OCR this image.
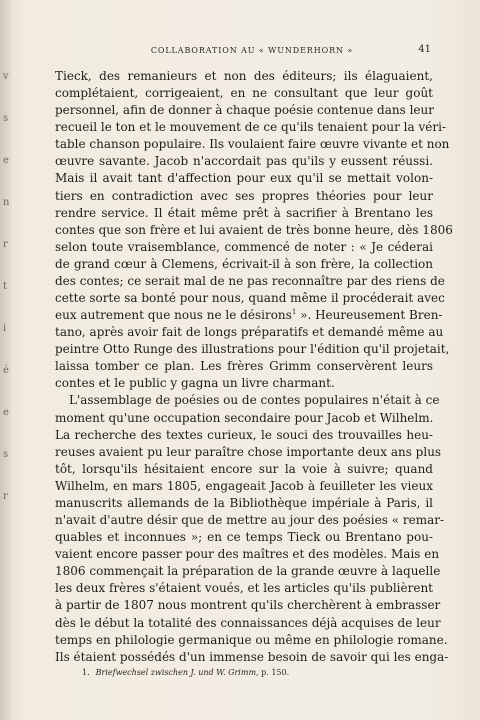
v
s
e
n
r
t
i
é
e
s
r
COLLABORATION AU « WUNDERHORN »	41
Tieck, des remanieurs et non des éditeurs; ils élaguaient,
complétaient, corrigeaient, en ne consultant que leur goût
personnel, afin de donner à chaque poésie contenue dans leur
recueil le ton et le mouvement de ce qu'ils tenaient pour la véri-
table chanson populaire. Ils voulaient faire œuvre vivante et non
œuvre savante. Jacob n'accordait pas qu'ils y eussent réussi.
Mais il avait tant d'affection pour eux qu'il se mettait volon-
tiers en contradiction avec ses propres théories pour leur
rendre service. Il était même prêt à sacrifier à Brentano les
contes que son frère et lui avaient de très bonne heure, dès 1806
selon toute vraisemblance, commencé de noter : « Je céderai
de grand cœur à Clemens, écrivait-il à son frère, la collection
des contes; ce serait mal de ne pas reconnaître par des riens de
cette sorte sa bonté pour nous, quand même il procéderait avec
eux autrement que nous ne le désirons$^1$ ». Heureusement Bren-
tano, après avoir fait de longs préparatifs et demandé même au
peintre Otto Runge des illustrations pour l'édition qu'il projetait,
laissa tomber ce plan. Les frères Grimm conservèrent leurs
contes et le public y gagna un livre charmant.
L'assemblage de poésies ou de contes populaires n'était à ce
moment qu'une occupation secondaire pour Jacob et Wilhelm.
La recherche des textes curieux, le souci des trouvailles heu-
reuses avaient pu leur paraître chose importante deux ans plus
tôt, lorsqu'ils hésitaient encore sur la voie à suivre; quand
Wilhelm, en mars 1805, engageait Jacob à feuilleter les vieux
manuscrits allemands de la Bibliothèque impériale à Paris, il
n'avait d'autre désir que de mettre au jour des poésies « remar-
quables et inconnues »; en ce temps Tieck ou Brentano pou-
vaient encore passer pour des maîtres et des modèles. Mais en
1806 commençait la préparation de la grande œuvre à laquelle
les deux frères s'étaient voués, et les articles qu'ils publièrent
à partir de 1807 nous montrent qu'ils cherchèrent à embrasser
dès le début la totalité des connaissances déjà acquises de leur
temps en philologie germanique ou même en philologie romane.
Ils étaient possédés d'un immense besoin de savoir qui les enga-
1. Briefwechsel zwischen J. und W. Grimm, p. 150.
